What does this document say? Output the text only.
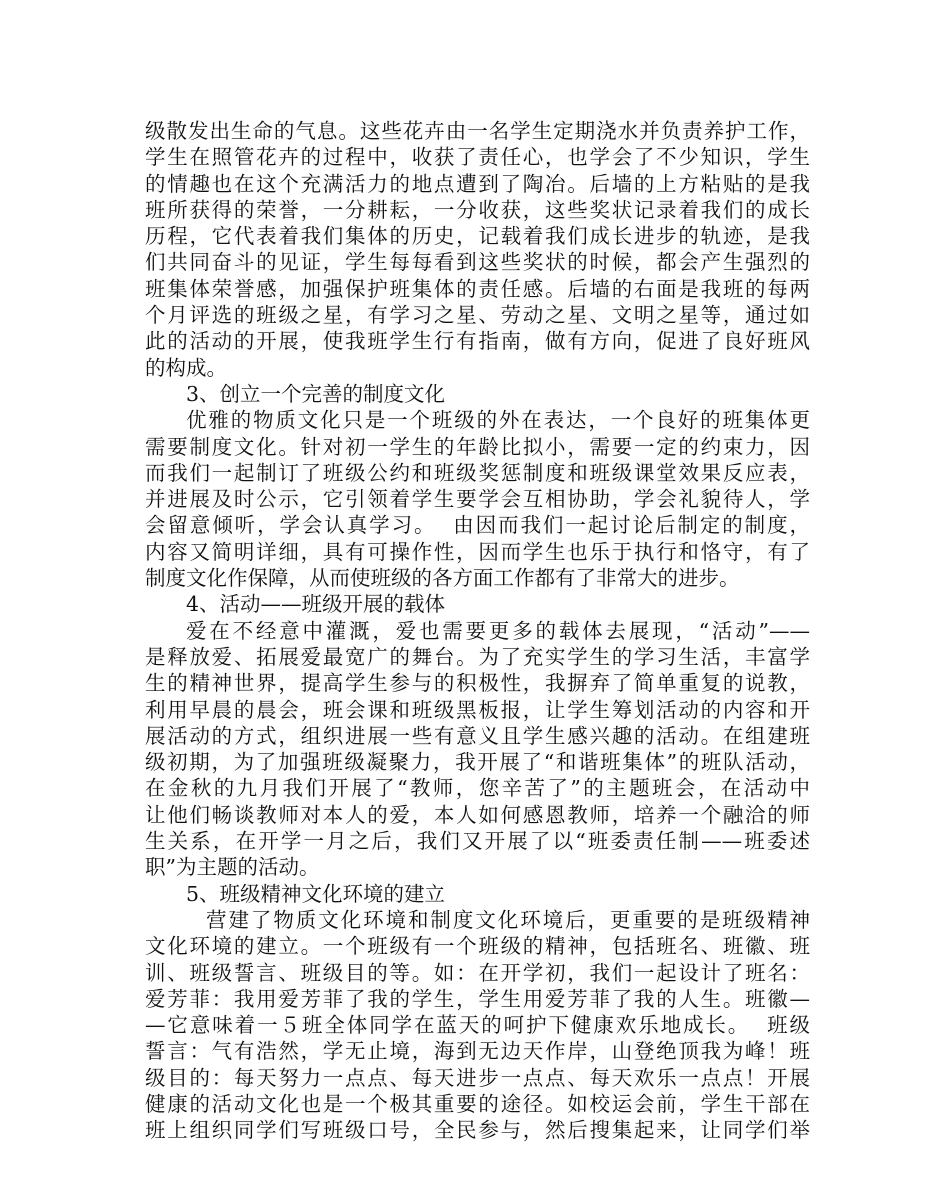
级散发出生命的气息。这些花卉由一名学生定期浇水并负责养护工作，
学生在照管花卉的过程中，收获了责任心，也学会了不少知识，学生
的情趣也在这个充满活力的地点遭到了陶冶。后墙的上方粘贴的是我
班所获得的荣誉，一分耕耘，一分收获，这些奖状记录着我们的成长
历程，它代表着我们集体的历史，记载着我们成长进步的轨迹，是我
们共同奋斗的见证，学生每每看到这些奖状的时候，都会产生强烈的
班集体荣誉感，加强保护班集体的责任感。后墙的右面是我班的每两
个月评选的班级之星，有学习之星、劳动之星、文明之星等，通过如
此的活动的开展，使我班学生行有指南，做有方向，促进了良好班风
的构成。
3、创立一个完善的制度文化
优雅的物质文化只是一个班级的外在表达，一个良好的班集体更
需要制度文化。针对初一学生的年龄比拟小，需要一定的约束力，因
而我们一起制订了班级公约和班级奖惩制度和班级课堂效果反应表，
并进展及时公示，它引领着学生要学会互相协助，学会礼貌待人，学
会留意倾听，学会认真学习。  由因而我们一起讨论后制定的制度，
内容又简明详细，具有可操作性，因而学生也乐于执行和恪守，有了
制度文化作保障，从而使班级的各方面工作都有了非常大的进步。
4、活动——班级开展的载体
爱在不经意中灌溉，爱也需要更多的载体去展现，“活动”——
是释放爱、拓展爱最宽广的舞台。为了充实学生的学习生活，丰富学
生的精神世界，提高学生参与的积极性，我摒弃了简单重复的说教，
利用早晨的晨会，班会课和班级黑板报，让学生筹划活动的内容和开
展活动的方式，组织进展一些有意义且学生感兴趣的活动。在组建班
级初期，为了加强班级凝聚力，我开展了“和谐班集体”的班队活动，
在金秋的九月我们开展了“教师，您辛苦了”的主题班会，在活动中
让他们畅谈教师对本人的爱，本人如何感恩教师，培养一个融洽的师
生关系，在开学一月之后，我们又开展了以“班委责任制——班委述
职”为主题的活动。
5、班级精神文化环境的建立
营建了物质文化环境和制度文化环境后，更重要的是班级精神
文化环境的建立。一个班级有一个班级的精神，包括班名、班徽、班
训、班级誓言、班级目的等。如：在开学初，我们一起设计了班名：
爱芳菲：我用爱芳菲了我的学生，学生用爱芳菲了我的人生。班徽—
—它意味着一５班全体同学在蓝天的呵护下健康欢乐地成长。  班级
誓言：气有浩然，学无止境，海到无边天作岸，山登绝顶我为峰！班
级目的：每天努力一点点、每天进步一点点、每天欢乐一点点！开展
健康的活动文化也是一个极其重要的途径。如校运会前，学生干部在
班上组织同学们写班级口号，全民参与，然后搜集起来，让同学们举
